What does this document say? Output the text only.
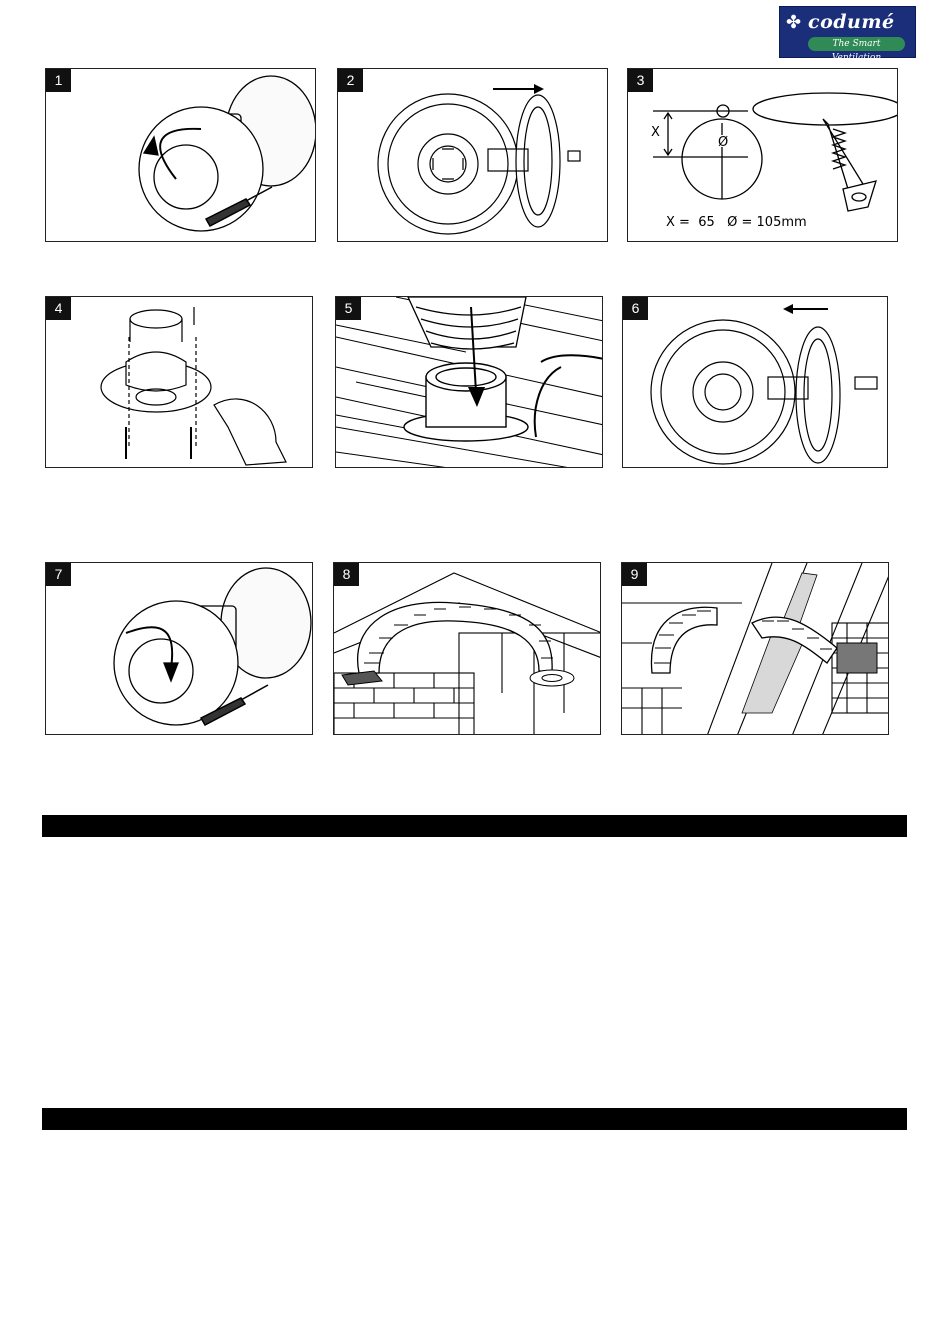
✤ codumé
The Smart Ventilation
1	2	3
X
Ø
X =  65   Ø = 105mm
4	5	6
7	8	9
